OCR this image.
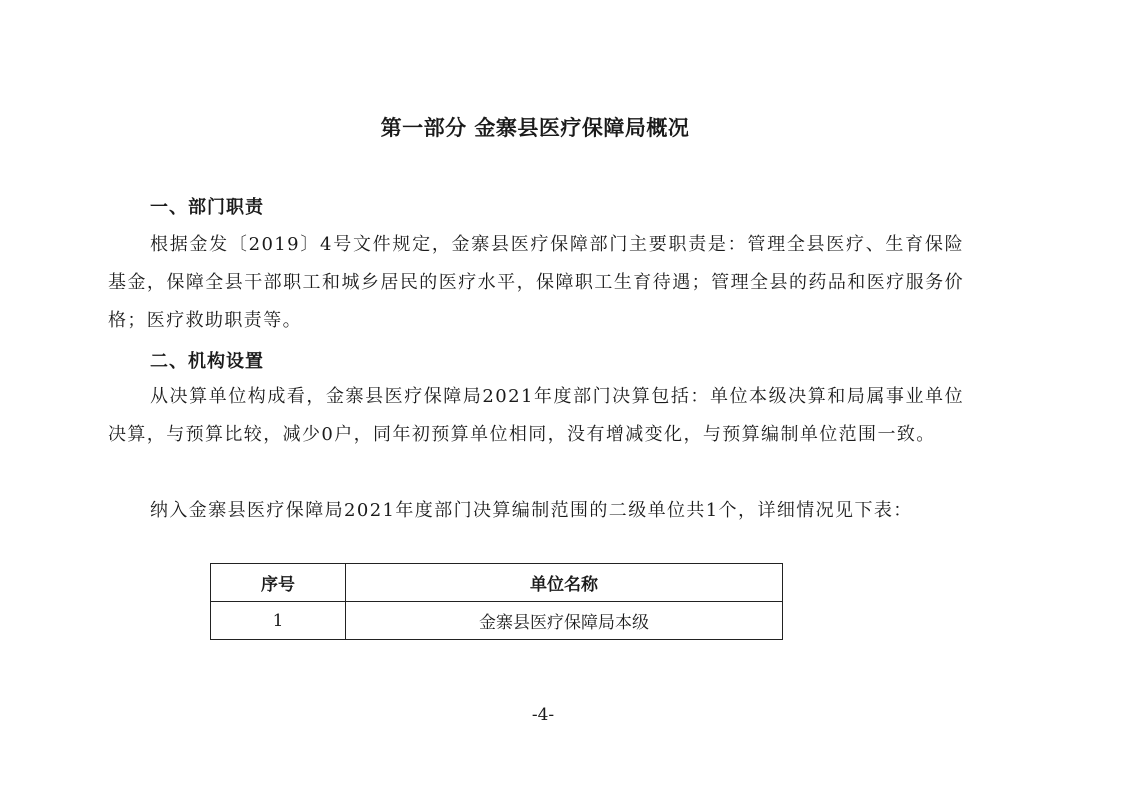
第一部分 金寨县医疗保障局概况
一、部门职责
根据金发〔2019〕4号文件规定，金寨县医疗保障部门主要职责是：管理全县医疗、生育保险基金，保障全县干部职工和城乡居民的医疗水平，保障职工生育待遇；管理全县的药品和医疗服务价格；医疗救助职责等。
二、机构设置
从决算单位构成看，金寨县医疗保障局2021年度部门决算包括：单位本级决算和局属事业单位决算，与预算比较，减少0户，同年初预算单位相同，没有增减变化，与预算编制单位范围一致。
纳入金寨县医疗保障局2021年度部门决算编制范围的二级单位共1个，详细情况见下表：
序号	单位名称
1	金寨县医疗保障局本级
-4-
